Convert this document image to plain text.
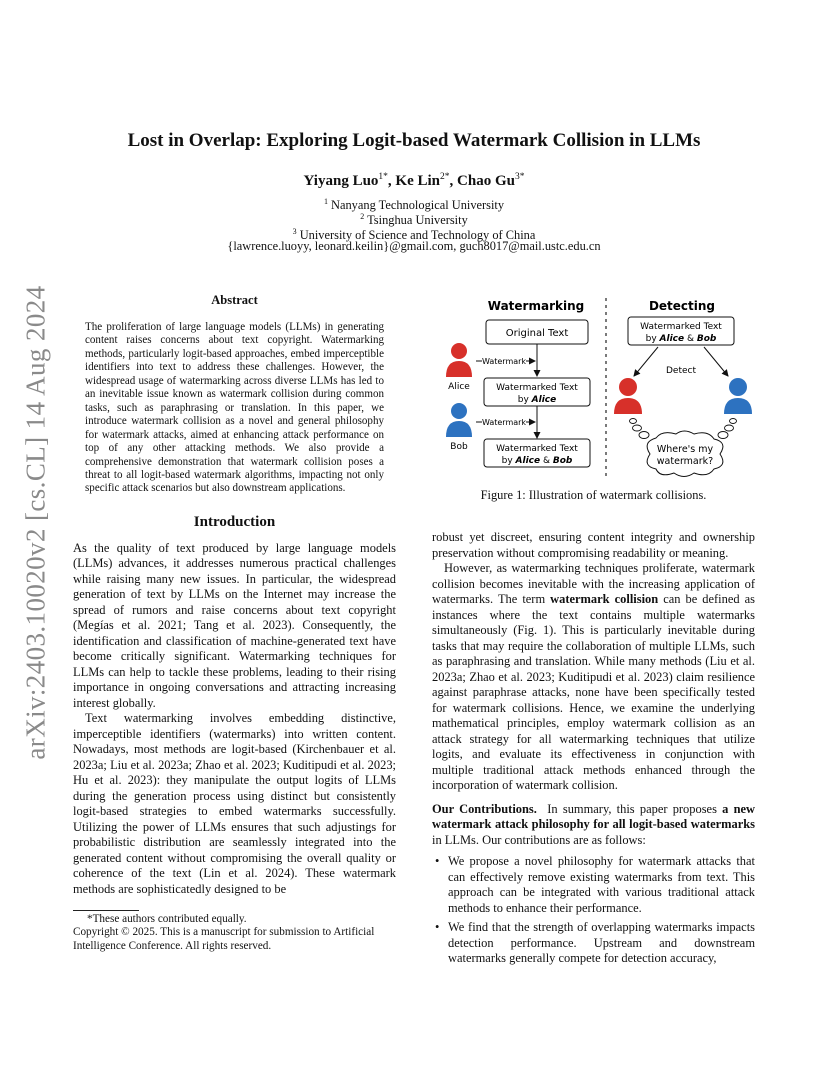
arXiv:2403.10020v2 [cs.CL] 14 Aug 2024
Lost in Overlap: Exploring Logit-based Watermark Collision in LLMs
Yiyang Luo$^{1*}$, Ke Lin$^{2*}$, Chao $Gu^{3*}$
$^1$ Nanyang Technological University
$^2$ Tsinghua University
$^3$ University of Science and Technology of China
{lawrence.luoyy, leonard.keilin}@gmail.com, guch8017@mail.ustc.edu.cn
Abstract
The proliferation of large language models (LLMs) in generating content raises concerns about text copyright. Watermarking methods, particularly logit-based approaches, embed imperceptible identifiers into text to address these challenges. However, the widespread usage of watermarking across diverse LLMs has led to an inevitable issue known as watermark collision during common tasks, such as paraphrasing or translation. In this paper, we introduce watermark collision as a novel and general philosophy for watermark attacks, aimed at enhancing attack performance on top of any other attacking methods. We also provide a comprehensive demonstration that watermark collision poses a threat to all logit-based watermark algorithms, impacting not only specific attack scenarios but also downstream applications.
Introduction

As the quality of text produced by large language models (LLMs) advances, it addresses numerous practical challenges while raising many new issues. In particular, the widespread generation of text by LLMs on the Internet may increase the spread of rumors and raise concerns about text copyright (Megías et al. 2021; Tang et al. 2023). Consequently, the identification and classification of machine-generated text have become critically significant. Watermarking techniques for LLMs can help to tackle these problems, leading to their rising importance in ongoing conversations and attracting increasing interest globally.

Text watermarking involves embedding distinctive, imperceptible identifiers (watermarks) into written content. Nowadays, most methods are logit-based (Kirchenbauer et al. 2023a; Liu et al. 2023a; Zhao et al. 2023; Kuditipudi et al. 2023; Hu et al. 2023): they manipulate the output logits of LLMs during the generation process using distinct but consistently logit-based strategies to embed watermarks successfully. Utilizing the power of LLMs ensures that such adjustings for probabilistic distribution are seamlessly integrated into the generated content without compromising the overall quality or coherence of the text (Lin et al. 2024). These watermark methods are sophisticatedly designed to be

*These authors contributed equally.
Copyright © 2025. This is a manuscript for submission to Artificial Intelligence Conference. All rights reserved.
Watermarking	Detecting
Original Text
Watermark
Alice	Watermarked Text
by Alice
Watermark
Bob	Watermarked Text
by Alice & Bob
Watermarked Text
by Alice & Bob
Detect
Where's my
watermark?
Figure 1: Illustration of watermark collisions.

robust yet discreet, ensuring content integrity and ownership preservation without compromising readability or meaning.

However, as watermarking techniques proliferate, watermark collision becomes inevitable with the increasing application of watermarks. The term watermark collision can be defined as instances where the text contains multiple watermarks simultaneously (Fig. 1). This is particularly inevitable during tasks that may require the collaboration of multiple LLMs, such as paraphrasing and translation. While many methods (Liu et al. 2023a; Zhao et al. 2023; Kuditipudi et al. 2023) claim resilience against paraphrase attacks, none have been specifically tested for watermark collisions. Hence, we examine the underlying mathematical principles, employ watermark collision as an attack strategy for all watermarking techniques that utilize logits, and evaluate its effectiveness in conjunction with multiple traditional attack methods enhanced through the incorporation of watermark collision.

Our Contributions.  In summary, this paper proposes a new watermark attack philosophy for all logit-based watermarks in LLMs. Our contributions are as follows:

• We propose a novel philosophy for watermark attacks that can effectively remove existing watermarks from text. This approach can be integrated with various traditional attack methods to enhance their performance.
• We find that the strength of overlapping watermarks impacts detection performance. Upstream and downstream watermarks generally compete for detection accuracy,
